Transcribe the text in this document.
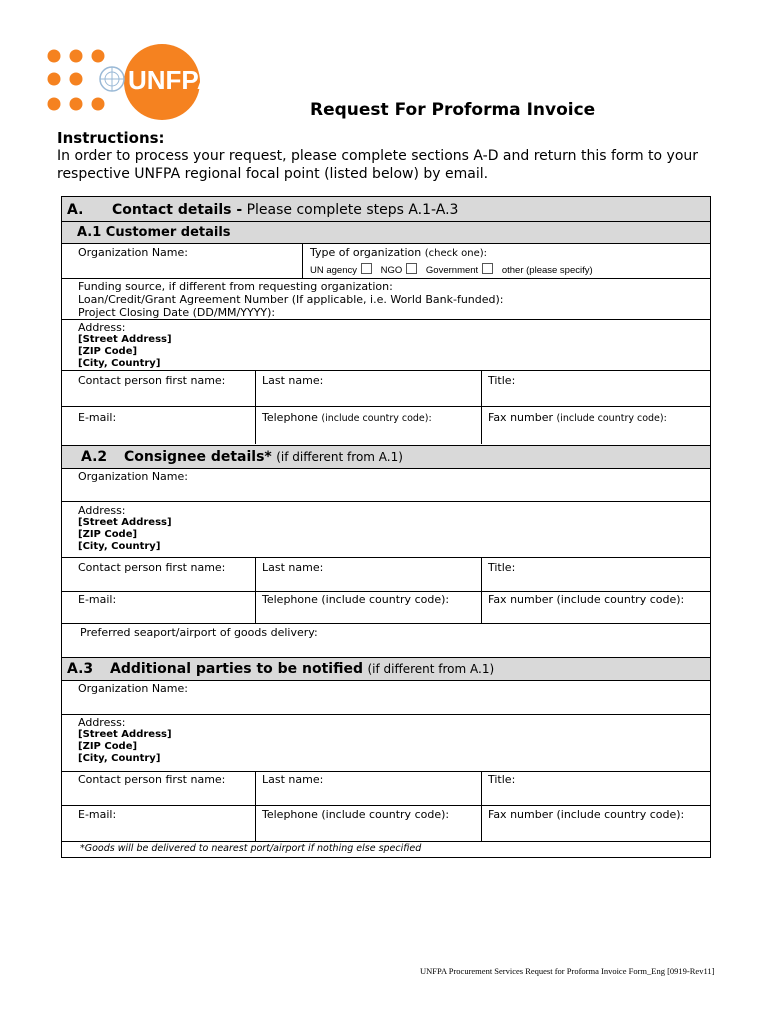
UNFPA
Request For Proforma Invoice
Instructions:
In order to process your request, please complete sections A-D and return this form to your
respective UNFPA regional focal point (listed below) by email.
A. Contact details - Please complete steps A.1-A.3
A.1 Customer details
Organization Name:	Type of organization (check one):
UN agency NGO Government other (please specify)
Funding source, if different from requesting organization:
Loan/Credit/Grant Agreement Number (If applicable, i.e. World Bank-funded):
Project Closing Date (DD/MM/YYYY):
Address:
[Street Address]
[ZIP Code]
[City, Country]
Contact person first name:	Last name:	Title:
E-mail:	Telephone (include country code):	Fax number (include country code):
A.2 Consignee details* (if different from A.1)
Organization Name:
Address:
[Street Address]
[ZIP Code]
[City, Country]
Contact person first name:	Last name:	Title:
E-mail:	Telephone (include country code):	Fax number (include country code):
Preferred seaport/airport of goods delivery:
A.3 Additional parties to be notified (if different from A.1)
Organization Name:
Address:
[Street Address]
[ZIP Code]
[City, Country]
Contact person first name:	Last name:	Title:
E-mail:	Telephone (include country code):	Fax number (include country code):
*Goods will be delivered to nearest port/airport if nothing else specified
UNFPA Procurement Services Request for Proforma Invoice Form_Eng [0919-Rev11]
